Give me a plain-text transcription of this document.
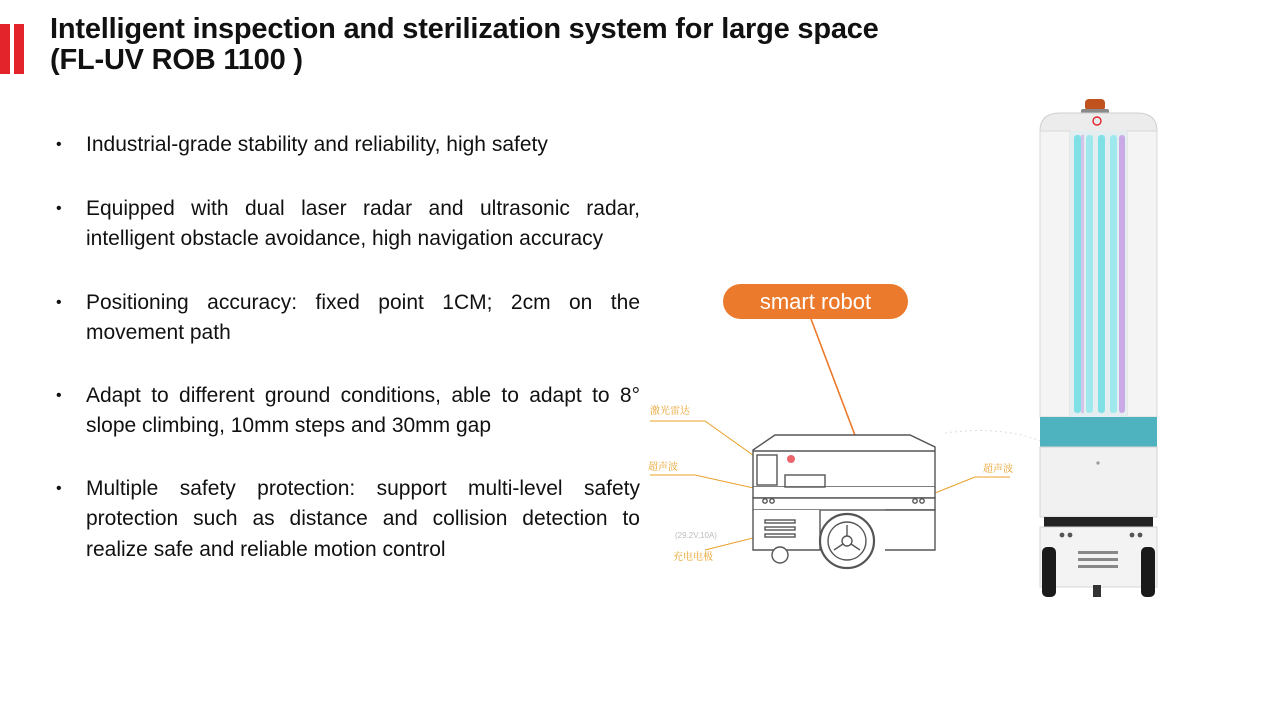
Intelligent inspection and sterilization system for large space
(FL-UV ROB 1100 )
• Industrial-grade stability and reliability, high safety
• Equipped with dual laser radar and ultrasonic radar, intelligent obstacle avoidance, high navigation accuracy
• Positioning accuracy: fixed point 1CM; 2cm on the movement path
• Adapt to different ground conditions, able to adapt to 8° slope climbing, 10mm steps and 30mm gap
• Multiple safety protection: support multi-level safety protection such as distance and collision detection to realize safe and reliable motion control
smart robot
激光雷达
超声波	超声波
(29.2V,10A)
充电电极
